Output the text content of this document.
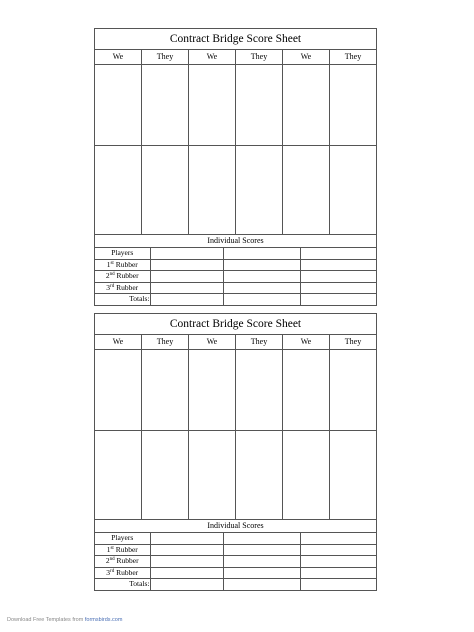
Contract Bridge Score Sheet
We	They	We	They	We	They
Individual Scores
Players			
1st Rubber			
2nd Rubber			
3rd Rubber			
Totals:			
Contract Bridge Score Sheet
We	They	We	They	We	They
Individual Scores
Players			
1st Rubber			
2nd Rubber			
3rd Rubber			
Totals:			
Download Free Templates from formsbirds.com
